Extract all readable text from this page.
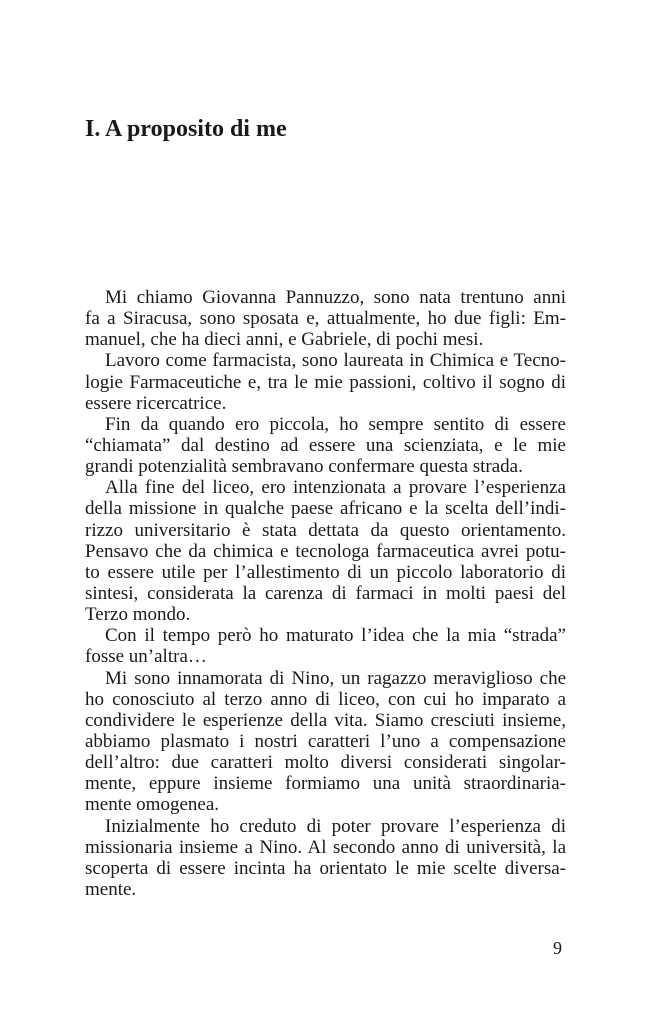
I. A proposito di me
Mi chiamo Giovanna Pannuzzo, sono nata trentuno anni
fa a Siracusa, sono sposata e, attualmente, ho due figli: Em-
manuel, che ha dieci anni, e Gabriele, di pochi mesi.
Lavoro come farmacista, sono laureata in Chimica e Tecno-
logie Farmaceutiche e, tra le mie passioni, coltivo il sogno di
essere ricercatrice.
Fin da quando ero piccola, ho sempre sentito di essere
“chiamata” dal destino ad essere una scienziata, e le mie
grandi potenzialità sembravano confermare questa strada.
Alla fine del liceo, ero intenzionata a provare l’esperienza
della missione in qualche paese africano e la scelta dell’indi-
rizzo universitario è stata dettata da questo orientamento.
Pensavo che da chimica e tecnologa farmaceutica avrei potu-
to essere utile per l’allestimento di un piccolo laboratorio di
sintesi, considerata la carenza di farmaci in molti paesi del
Terzo mondo.
Con il tempo però ho maturato l’idea che la mia “strada”
fosse un’altra…
Mi sono innamorata di Nino, un ragazzo meraviglioso che
ho conosciuto al terzo anno di liceo, con cui ho imparato a
condividere le esperienze della vita. Siamo cresciuti insieme,
abbiamo plasmato i nostri caratteri l’uno a compensazione
dell’altro: due caratteri molto diversi considerati singolar-
mente, eppure insieme formiamo una unità straordinaria-
mente omogenea.
Inizialmente ho creduto di poter provare l’esperienza di
missionaria insieme a Nino. Al secondo anno di università, la
scoperta di essere incinta ha orientato le mie scelte diversa-
mente.
9
